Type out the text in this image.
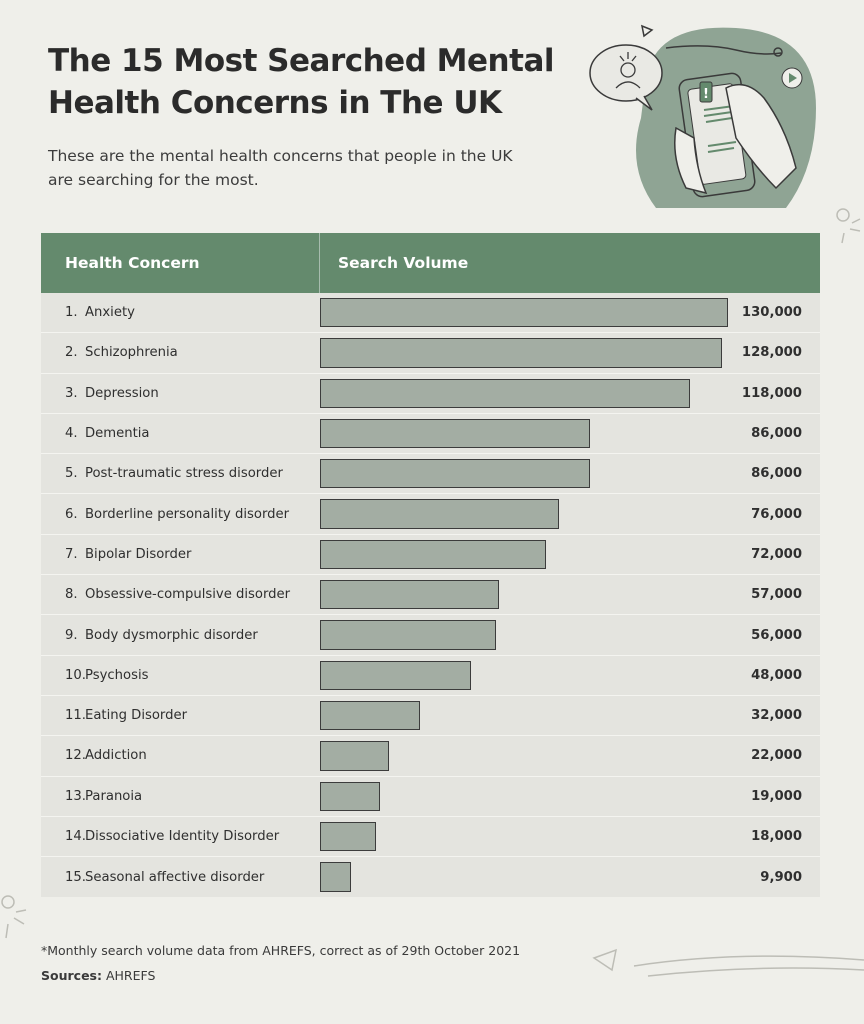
The 15 Most Searched Mental
Health Concerns in The UK

These are the mental health concerns that people in the UK are searching for the most.

!
Health Concern	Search Volume
1. Anxiety	130,000
2. Schizophrenia	128,000
3. Depression	118,000
4. Dementia	86,000
5. Post-traumatic stress disorder	86,000
6. Borderline personality disorder	76,000
7. Bipolar Disorder	72,000
8. Obsessive-compulsive disorder	57,000
9. Body dysmorphic disorder	56,000
10. Psychosis	48,000
11. Eating Disorder	32,000
12. Addiction	22,000
13. Paranoia	19,000
14. Dissociative Identity Disorder	18,000
15. Seasonal affective disorder	9,900
*Monthly search volume data from AHREFS, correct as of 29th October 2021
Sources: AHREFS
